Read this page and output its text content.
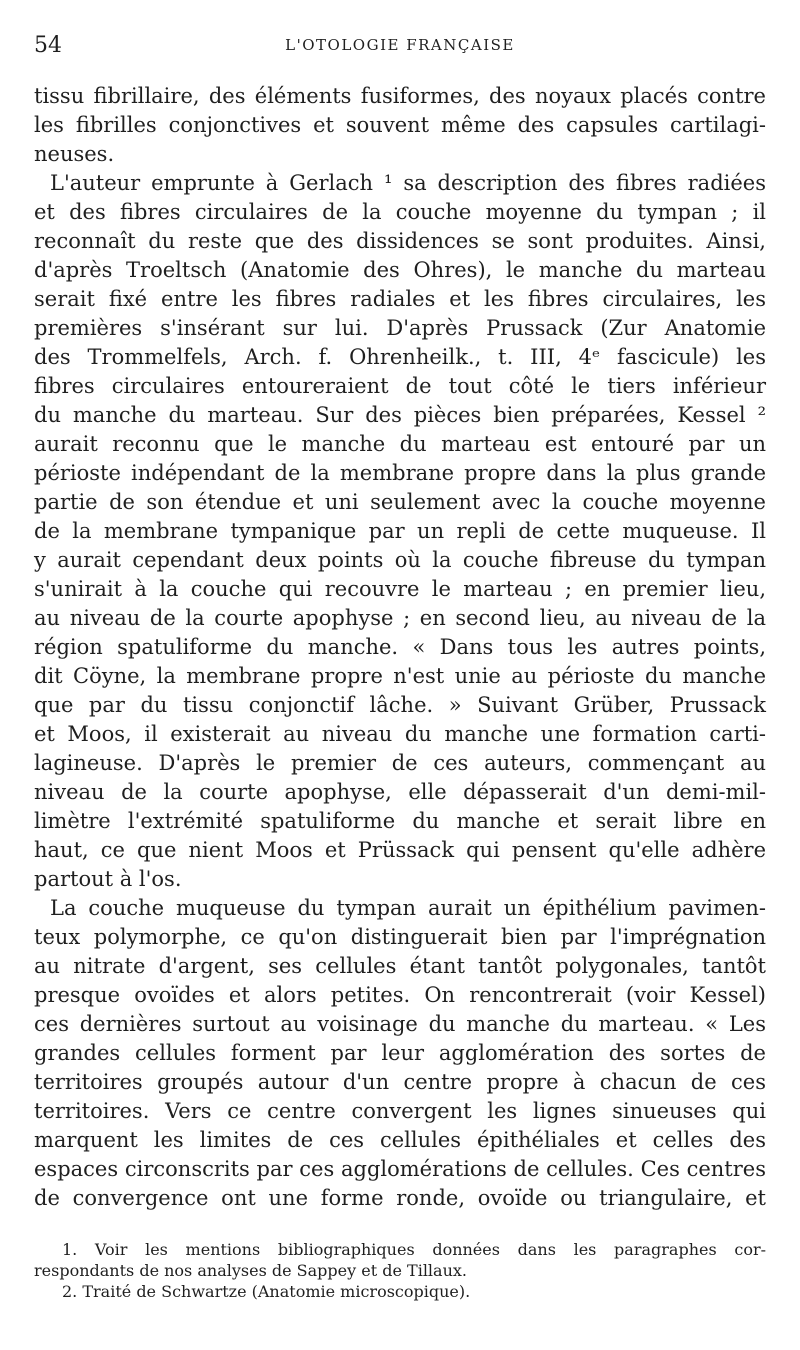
54	L'OTOLOGIE FRANÇAISE
tissu fibrillaire, des éléments fusiformes, des noyaux placés contre
les fibrilles conjonctives et souvent même des capsules cartilagi-
neuses.
L'auteur emprunte à Gerlach ¹ sa description des fibres radiées
et des fibres circulaires de la couche moyenne du tympan ; il
reconnaît du reste que des dissidences se sont produites. Ainsi,
d'après Troeltsch (Anatomie des Ohres), le manche du marteau
serait fixé entre les fibres radiales et les fibres circulaires, les
premières s'insérant sur lui. D'après Prussack (Zur Anatomie
des Trommelfels, Arch. f. Ohrenheilk., t. III, 4ᵉ fascicule) les
fibres circulaires entoureraient de tout côté le tiers inférieur
du manche du marteau. Sur des pièces bien préparées, Kessel ²
aurait reconnu que le manche du marteau est entouré par un
périoste indépendant de la membrane propre dans la plus grande
partie de son étendue et uni seulement avec la couche moyenne
de la membrane tympanique par un repli de cette muqueuse. Il
y aurait cependant deux points où la couche fibreuse du tympan
s'unirait à la couche qui recouvre le marteau ; en premier lieu,
au niveau de la courte apophyse ; en second lieu, au niveau de la
région spatuliforme du manche. « Dans tous les autres points,
dit Cöyne, la membrane propre n'est unie au périoste du manche
que par du tissu conjonctif lâche. » Suivant Grüber, Prussack
et Moos, il existerait au niveau du manche une formation carti-
lagineuse. D'après le premier de ces auteurs, commençant au
niveau de la courte apophyse, elle dépasserait d'un demi-mil-
limètre l'extrémité spatuliforme du manche et serait libre en
haut, ce que nient Moos et Prüssack qui pensent qu'elle adhère
partout à l'os.
La couche muqueuse du tympan aurait un épithélium pavimen-
teux polymorphe, ce qu'on distinguerait bien par l'imprégnation
au nitrate d'argent, ses cellules étant tantôt polygonales, tantôt
presque ovoïdes et alors petites. On rencontrerait (voir Kessel)
ces dernières surtout au voisinage du manche du marteau. « Les
grandes cellules forment par leur agglomération des sortes de
territoires groupés autour d'un centre propre à chacun de ces
territoires. Vers ce centre convergent les lignes sinueuses qui
marquent les limites de ces cellules épithéliales et celles des
espaces circonscrits par ces agglomérations de cellules. Ces centres
de convergence ont une forme ronde, ovoïde ou triangulaire, et
1. Voir les mentions bibliographiques données dans les paragraphes cor-
respondants de nos analyses de Sappey et de Tillaux.
2. Traité de Schwartze (Anatomie microscopique).
